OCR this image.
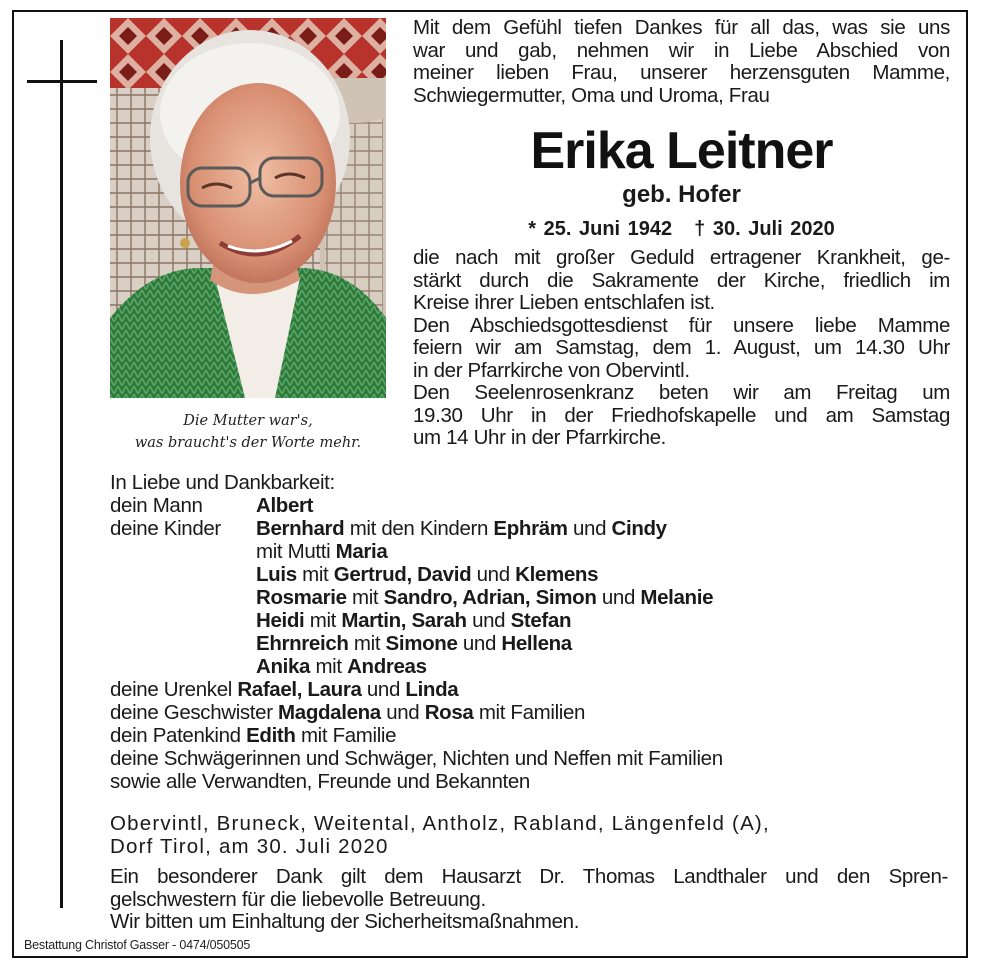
Die Mutter war's,
was braucht's der Worte mehr.
Mit dem Gefühl tiefen Dankes für all das, was sie uns
war und gab, nehmen wir in Liebe Abschied von
meiner lieben Frau, unserer herzensguten Mamme,
Schwiegermutter, Oma und Uroma, Frau
Erika Leitner
geb. Hofer
* 25. Juni 1942 † 30. Juli 2020
die nach mit großer Geduld ertragener Krankheit, ge-
stärkt durch die Sakramente der Kirche, friedlich im
Kreise ihrer Lieben entschlafen ist.
Den Abschiedsgottesdienst für unsere liebe Mamme
feiern wir am Samstag, dem 1. August, um 14.30 Uhr
in der Pfarrkirche von Obervintl.
Den Seelenrosenkranz beten wir am Freitag um
19.30 Uhr in der Friedhofskapelle und am Samstag
um 14 Uhr in der Pfarrkirche.
In Liebe und Dankbarkeit:
dein Mann	Albert
deine Kinder Bernhard mit den Kindern Ephräm und Cindy
mit Mutti Maria
Luis mit Gertrud, David und Klemens
Rosmarie mit Sandro, Adrian, Simon und Melanie
Heidi mit Martin, Sarah und Stefan
Ehrnreich mit Simone und Hellena
Anika mit Andreas
deine Urenkel Rafael, Laura und Linda
deine Geschwister Magdalena und Rosa mit Familien
dein Patenkind Edith mit Familie
deine Schwägerinnen und Schwäger, Nichten und Neffen mit Familien
sowie alle Verwandten, Freunde und Bekannten
Obervintl, Bruneck, Weitental, Antholz, Rabland, Längenfeld (A),
Dorf Tirol, am 30. Juli 2020
Ein besonderer Dank gilt dem Hausarzt Dr. Thomas Landthaler und den Spren-
gelschwestern für die liebevolle Betreuung.
Wir bitten um Einhaltung der Sicherheitsmaßnahmen.
Bestattung Christof Gasser - 0474/050505
